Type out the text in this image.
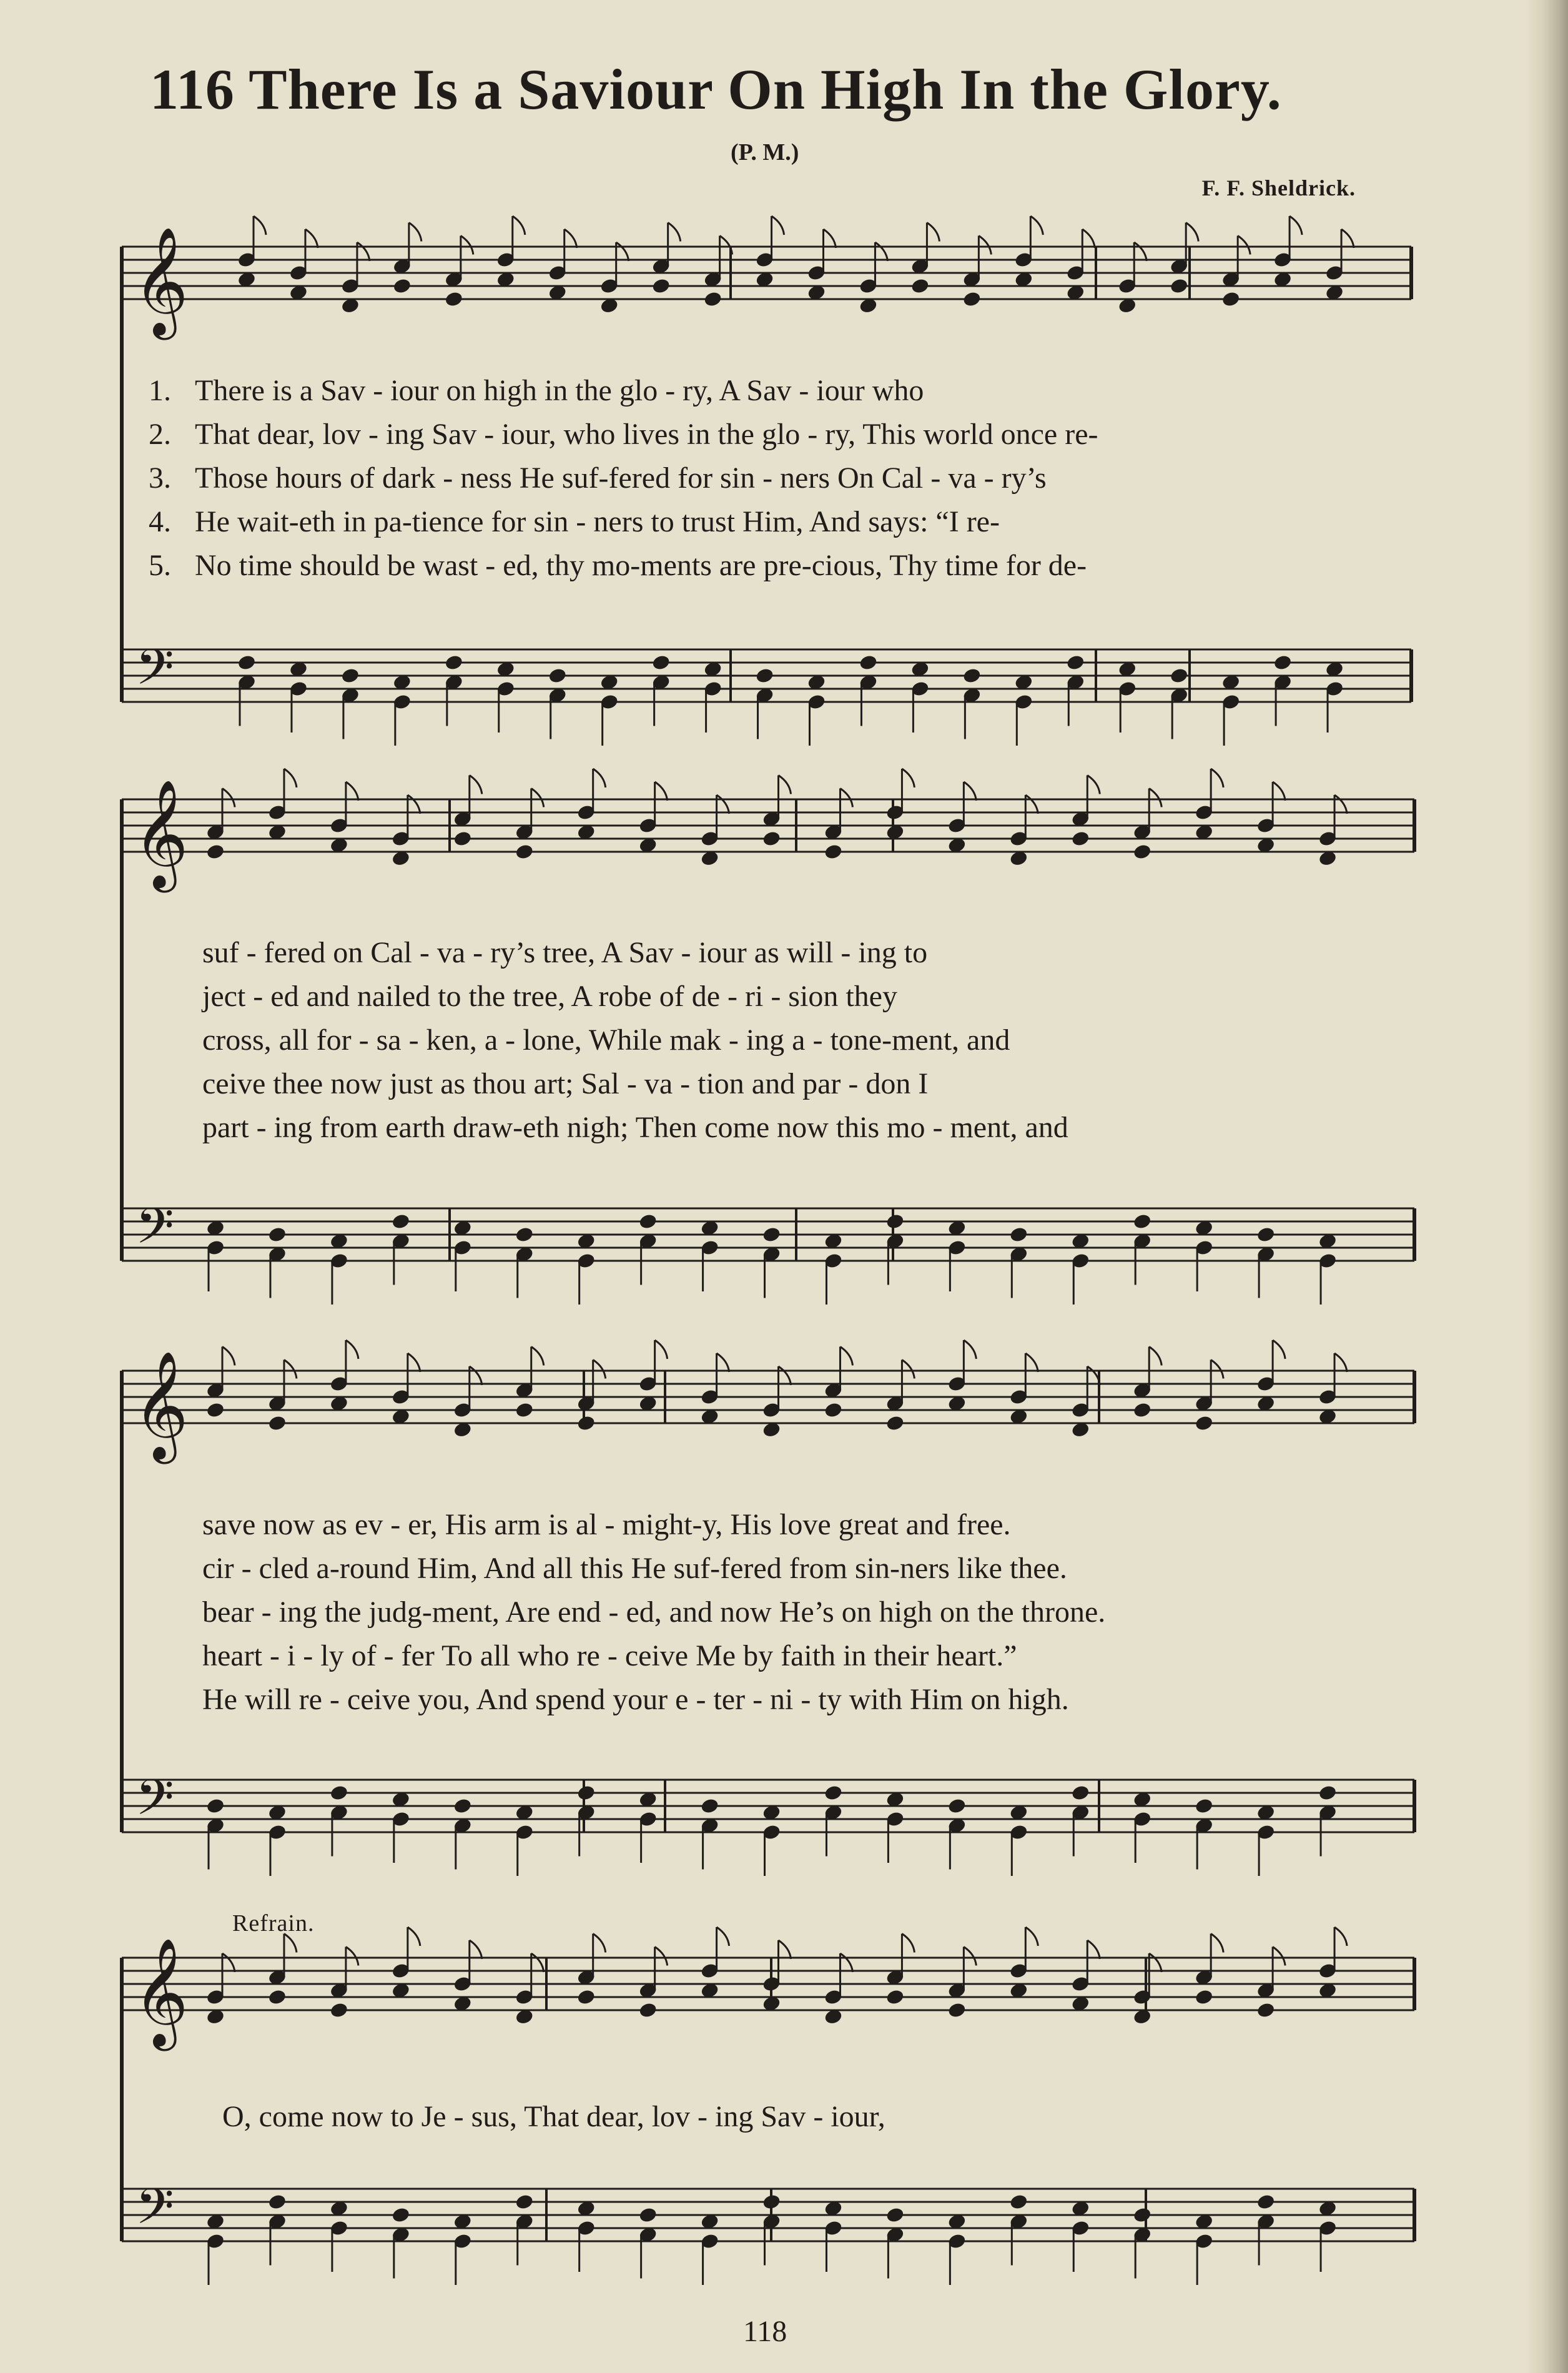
116 There Is a Saviour On High In the Glory.
(P. M.)
F. F. Sheldrick.
𝄞
𝄢
𝄞
𝄢
𝄞
𝄢
𝄞
𝄢
1. There is a Sav - iour on high in the glo - ry, A Sav - iour who
2. That dear, lov - ing Sav - iour, who lives in the glo - ry, This world once re-
3. Those hours of dark - ness He suf-fered for sin - ners On Cal - va - ry’s
4. He wait-eth in pa-tience for sin - ners to trust Him, And says: “I re-
5. No time should be wast - ed, thy mo-ments are pre-cious, Thy time for de-
suf - fered on Cal - va - ry’s tree, A Sav - iour as will - ing to
ject - ed and nailed to the tree, A robe of de - ri - sion they
cross, all for - sa - ken, a - lone, While mak - ing a - tone-ment, and
ceive thee now just as thou art; Sal - va - tion and par - don I
part - ing from earth draw-eth nigh; Then come now this mo - ment, and
save now as ev - er, His arm is al - might-y, His love great and free.
cir - cled a-round Him, And all this He suf-fered from sin-ners like thee.
bear - ing the judg-ment, Are end - ed, and now He’s on high on the throne.
heart - i - ly of - fer To all who re - ceive Me by faith in their heart.”
He will re - ceive you, And spend your e - ter - ni - ty with Him on high.
Refrain.
O, come now to Je - sus, That dear, lov - ing Sav - iour,
118
